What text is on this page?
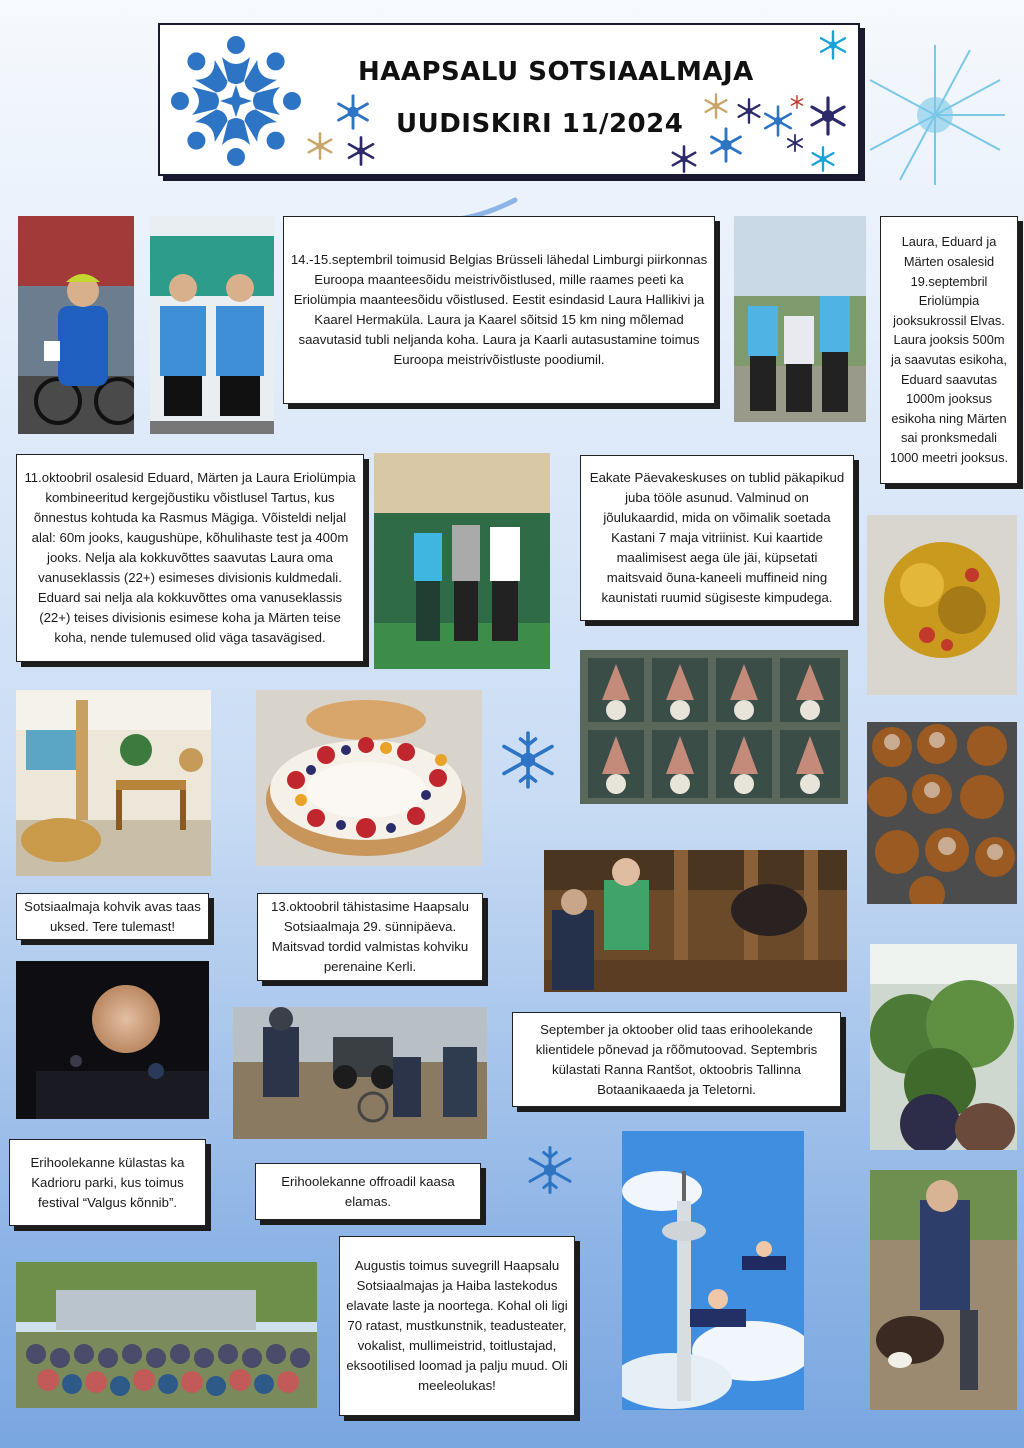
HAAPSALU SOTSIAALMAJA
UUDISKIRI 11/2024
14.-15.septembril toimusid Belgias Brüsseli lähedal Limburgi piirkonnas Euroopa maanteesõidu meistrivõistlused, mille raames peeti ka Eriolümpia maanteesõidu võistlused. Eestit esindasid Laura Hallikivi ja Kaarel Hermaküla. Laura ja Kaarel sõitsid 15 km ning mõlemad saavutasid tubli neljanda koha. Laura ja Kaarli autasustamine toimus Euroopa meistrivõistluste poodiumil.
Laura, Eduard ja Märten osalesid 19.septembril Eriolümpia jooksukrossil Elvas. Laura jooksis 500m ja saavutas esikoha, Eduard saavutas 1000m jooksus esikoha ning Märten sai pronksmedali 1000 meetri jooksus.
11.oktoobril osalesid Eduard, Märten ja Laura Eriolümpia kombineeritud kergejõustiku võistlusel Tartus, kus õnnestus kohtuda ka Rasmus Mägiga. Võisteldi neljal alal: 60m jooks, kaugushüpe, kõhulihaste test ja 400m jooks. Nelja ala kokkuvõttes saavutas Laura oma vanuseklassis (22+) esimeses divisionis kuldmedali. Eduard sai nelja ala kokkuvõttes oma vanuseklassis (22+) teises divisionis esimese koha ja Märten teise koha, nende tulemused olid väga tasavägised.
Eakate Päevakeskuses on tublid päkapikud juba tööle asunud. Valminud on jõulukaardid, mida on võimalik soetada Kastani 7 maja vitriinist. Kui kaartide maalimisest aega üle jäi, küpsetati maitsvaid õuna-kaneeli muffineid ning kaunistati ruumid sügiseste kimpudega.
Sotsiaalmaja kohvik avas taas uksed. Tere tulemast!
13.oktoobril tähistasime Haapsalu Sotsiaalmaja 29. sünnipäeva. Maitsvad tordid valmistas kohviku perenaine Kerli.
September ja oktoober olid taas erihoolekande klientidele põnevad ja rõõmutoovad. Septembris külastati Ranna Rantšot, oktoobris Tallinna Botaanikaaeda ja Teletorni.
Erihoolekanne külastas ka Kadrioru parki, kus toimus festival “Valgus kõnnib”.
Erihoolekanne offroadil kaasa elamas.
Augustis toimus suvegrill Haapsalu Sotsiaalmajas ja Haiba lastekodus elavate laste ja noortega. Kohal oli ligi 70 ratast, mustkunstnik, teadusteater, vokalist, mullimeistrid, toitlustajad, eksootilised loomad ja palju muud. Oli meeleolukas!
